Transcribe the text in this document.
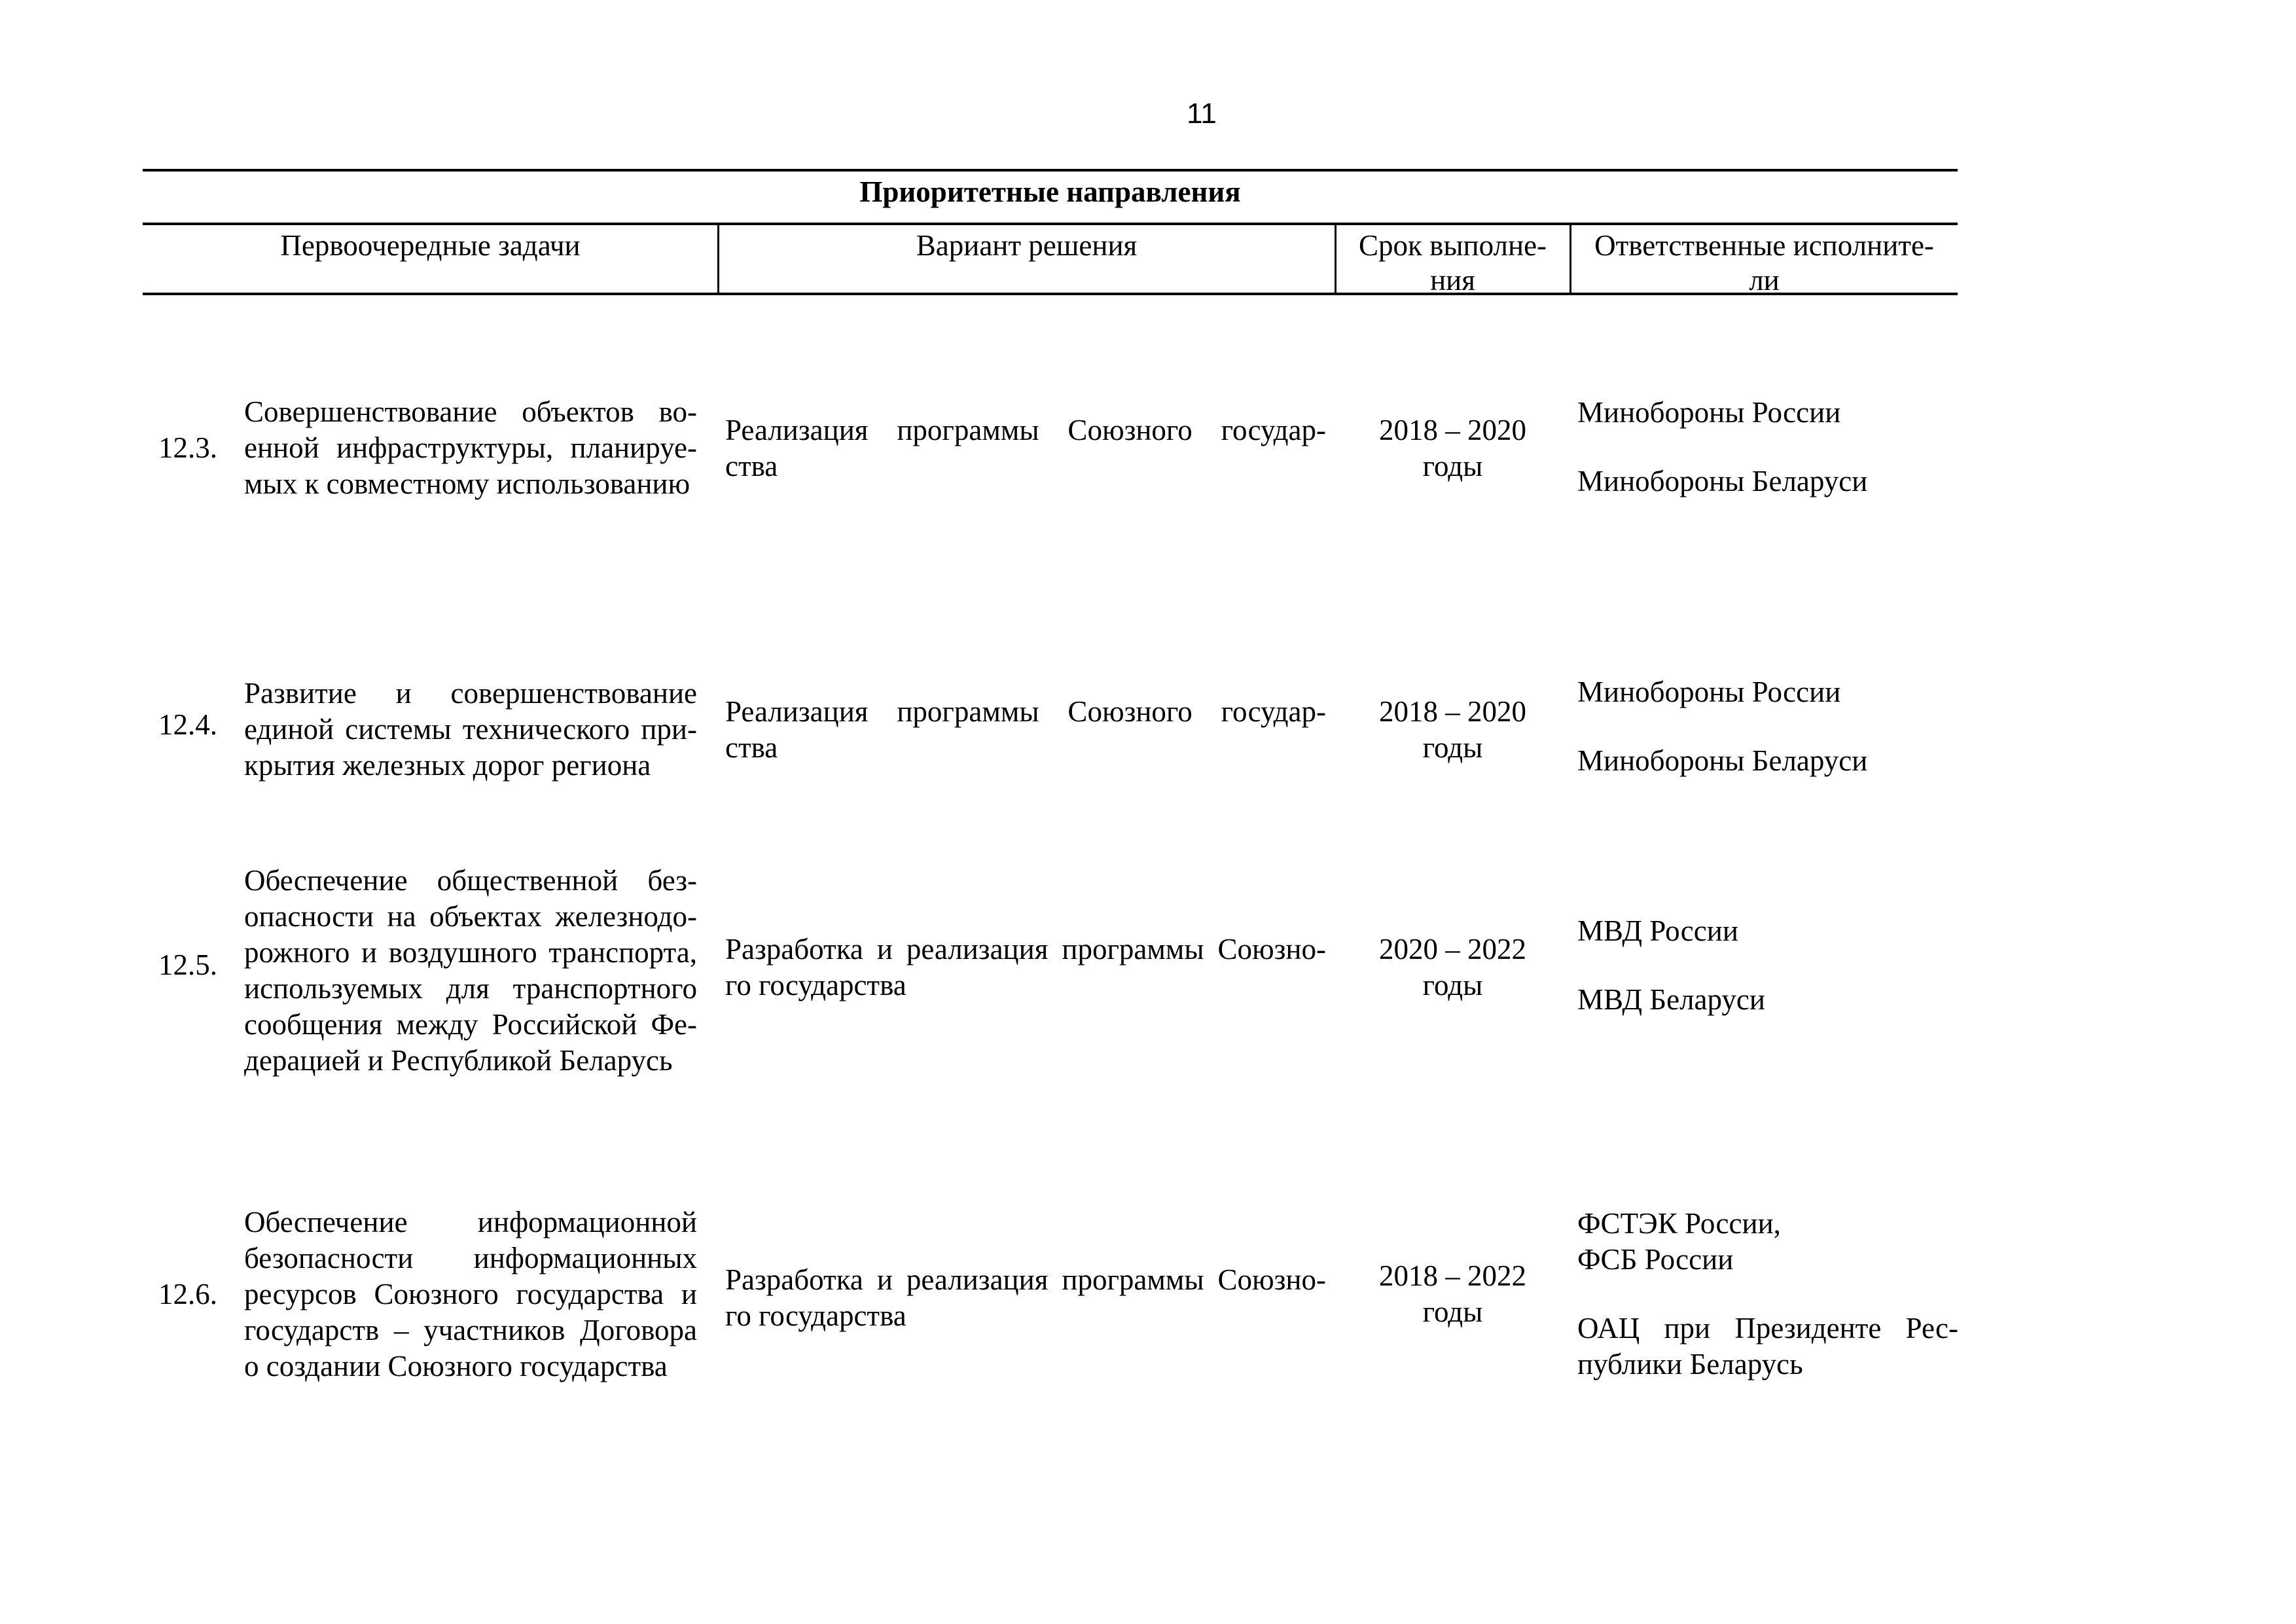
11
Приоритетные направления
Первоочередные задачи	Вариант решения	Срок выполне-
ния
Ответственные исполните-
ли
12.3.
Совершенствование объектов во-
енной инфраструктуры, планируе-
мых к совместному использованию
Реализация программы Союзного государ-
ства
2018 – 2020
годы
Минобороны России
Минобороны Беларуси
12.4.
Развитие и совершенствование
единой системы технического при-
крытия железных дорог региона
Реализация программы Союзного государ-
ства
2018 – 2020
годы
Минобороны России
Минобороны Беларуси
12.5.
Обеспечение общественной без-
опасности на объектах железнодо-
рожного и воздушного транспорта,
используемых для транспортного
сообщения между Российской Фе-
дерацией и Республикой Беларусь
Разработка и реализация программы Союзно-
го государства
2020 – 2022
годы
МВД России
МВД Беларуси
12.6.
Обеспечение информационной
безопасности информационных
ресурсов Союзного государства и
государств – участников Договора
о создании Союзного государства
Разработка и реализация программы Союзно-
го государства
2018 – 2022
годы
ФСТЭК России,
ФСБ России
ОАЦ при Президенте Рес-
публики Беларусь
